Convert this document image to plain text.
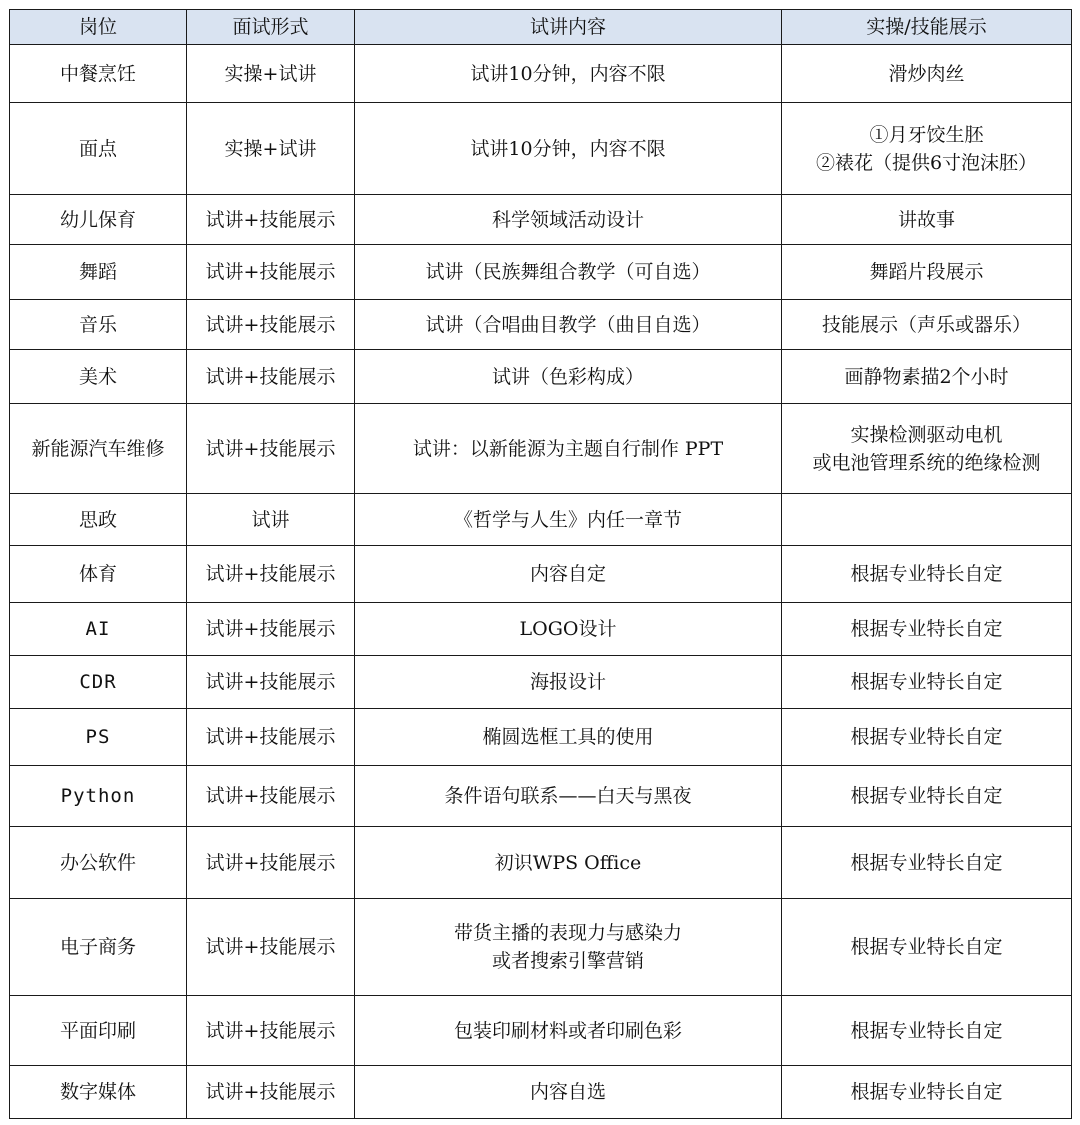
岗位	面试形式	试讲内容	实操/技能展示
中餐烹饪	实操+试讲	试讲10分钟，内容不限	滑炒肉丝

面点	实操+试讲	试讲10分钟，内容不限	①月牙饺生胚
②裱花（提供6寸泡沫胚）

幼儿保育	试讲+技能展示	科学领域活动设计	讲故事

舞蹈	试讲+技能展示	试讲（民族舞组合教学（可自选）	舞蹈片段展示

音乐	试讲+技能展示	试讲（合唱曲目教学（曲目自选）	技能展示（声乐或器乐）

美术	试讲+技能展示	试讲（色彩构成）	画静物素描2个小时

新能源汽车维修	试讲+技能展示	试讲：以新能源为主题自行制作 PPT	实操检测驱动电机
或电池管理系统的绝缘检测

思政	试讲	《哲学与人生》内任一章节	

体育	试讲+技能展示	内容自定	根据专业特长自定

AI	试讲+技能展示	LOGO设计	根据专业特长自定

CDR	试讲+技能展示	海报设计	根据专业特长自定

PS	试讲+技能展示	椭圆选框工具的使用	根据专业特长自定

Python	试讲+技能展示	条件语句联系——白天与黑夜	根据专业特长自定

办公软件	试讲+技能展示	初识WPS Office	根据专业特长自定

电子商务	试讲+技能展示	带货主播的表现力与感染力
或者搜索引擎营销	根据专业特长自定

平面印刷	试讲+技能展示	包装印刷材料或者印刷色彩	根据专业特长自定

数字媒体	试讲+技能展示	内容自选	根据专业特长自定
